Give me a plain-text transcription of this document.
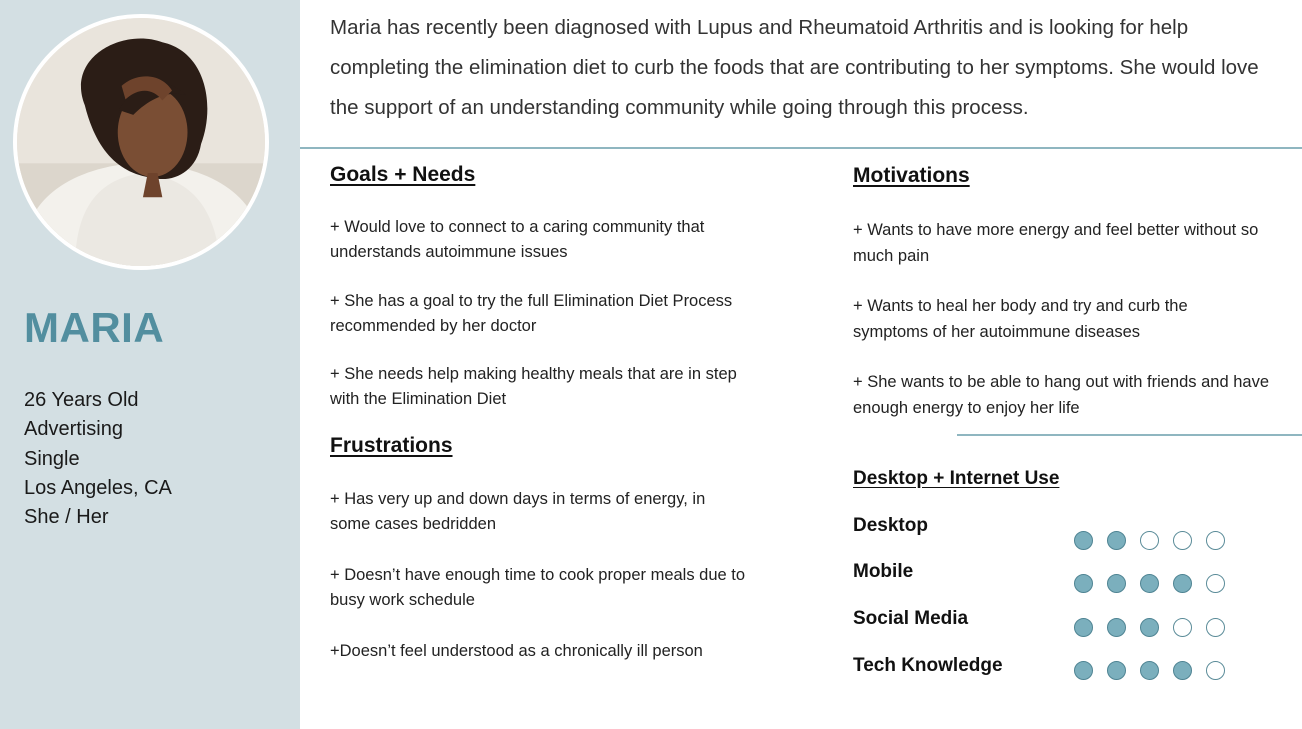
MARIA
26 Years Old
Advertising
Single
Los Angeles, CA
She / Her

Maria has recently been diagnosed with Lupus and Rheumatoid Arthritis and is looking for help completing the elimination diet to curb the foods that are contributing to her symptoms. She would love the support of an understanding community while going through this process.

Goals + Needs

+ Would love to connect to a caring community that understands autoimmune issues

+ She has a goal to try the full Elimination Diet Process recommended by her doctor

+ She needs help making healthy meals that are in step with the Elimination Diet

Frustrations

+ Has very up and down days in terms of energy, in some cases bedridden

+ Doesn’t have enough time to cook proper meals due to busy work schedule

+Doesn’t feel understood as a chronically ill person

Motivations

+ Wants to have more energy and feel better without so much pain

+ Wants to heal her body and try and curb the symptoms of her autoimmune diseases

+ She wants to be able to hang out with friends and have enough energy to enjoy her life

Desktop + Internet Use
Desktop
Mobile
Social Media
Tech Knowledge
